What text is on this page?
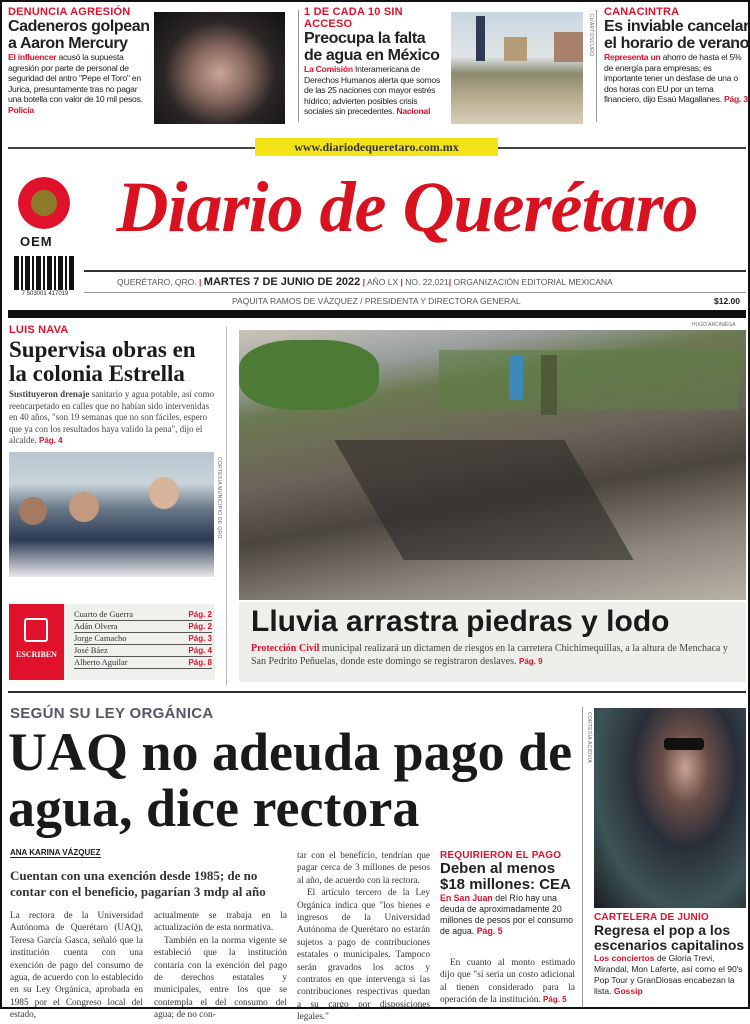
DENUNCIA AGRESIÓN
Cadeneros golpean a Aaron Mercury
El influencer acusó la supuesta agresión por parte de personal de seguridad del antro "Pepe el Toro" en Jurica, presuntamente tras no pagar una botella con valor de 10 mil pesos. Policía
1 DE CADA 10 SIN ACCESO
Preocupa la falta de agua en México
La Comisión Interamericana de Derechos Humanos alerta que somos de las 25 naciones con mayor estrés hídrico; advierten posibles crisis sociales sin precedentes. Nacional
CUARTOSCURO
CANACINTRA
Es inviable cancelar el horario de verano
Representa un ahorro de hasta el 5% de energía para empresas; es importante tener un desfase de una o dos horas con EU por un tema financiero, dijo Esaú Magallanes. Pág. 3
www.diariodequeretaro.com.mx
OEM
7 503001 417019
Diario de Querétaro
QUERÉTARO, QRO. | MARTES 7 DE JUNIO DE 2022 | AÑO LX | NO. 22,021| ORGANIZACIÓN EDITORIAL MEXICANA
PAQUITA RAMOS DE VÁZQUEZ / PRESIDENTA Y DIRECTORA GENERAL	$12.00
LUIS NAVA
Supervisa obras en la colonia Estrella
Sustituyeron drenaje sanitario y agua potable, así como reencarpetado en calles que no habían sido intervenidas en 40 años, "son 19 semanas que no son fáciles, espero que ya con los resultados haya valido la pena", dijo el alcalde. Pág. 4
CORTESÍA MUNICIPIO DE QRO.
ESCRIBEN
Cuarto de Guerra	Pág. 2
Adán Olvera	Pág. 2
Jorge Camacho	Pág. 3
José Báez	Pág. 4
Alberto Aguilar	Pág. 8
HUGO ARCINIEGA
Lluvia arrastra piedras y lodo
Protección Civil municipal realizará un dictamen de riesgos en la carretera Chichimequillas, a la altura de Menchaca y San Pedrito Peñuelas, donde este domingo se registraron deslaves. Pág. 9
SEGÚN SU LEY ORGÁNICA
UAQ no adeuda pago de agua, dice rectora
ANA KARINA VÁZQUEZ
Cuentan con una exención desde 1985; de no contar con el beneficio, pagarían 3 mdp al año
La rectora de la Universidad Autónoma de Querétaro (UAQ), Teresa García Gasca, señaló que la institución cuenta con una exención de pago del consumo de agua, de acuerdo con lo establecido en su Ley Orgánica, aprobada en 1985 por el Congreso local del estado,
actualmente se trabaja en la actualización de esta normativa.
También en la norma vigente se estableció que la institución contaría con la exención del pago de derechos estatales y municipales, entre los que se contempla el del consumo del agua; de no con-
tar con el beneficio, tendrían que pagar cerca de 3 millones de pesos al año, de acuerdo con la rectora.
El artículo tercero de la Ley Orgánica indica que "los bienes e ingresos de la Universidad Autónoma de Querétaro no estarán sujetos a pago de contribuciones estatales o municipales. Tampoco serán gravados los actos y contratos en que intervenga si las contribuciones respectivas quedan a su cargo por disposiciones legales."
REQUIRIERON EL PAGO
Deben al menos $18 millones: CEA
En San Juan del Río hay una deuda de aproximadamente 20 millones de pesos por el consumo de agua. Pág. 5
En cuanto al monto estimado dijo que "sí sería un costo adicional al tienen considerado para la operación de la institución. Pág. 5
CORTESÍA ACIDVIA
CARTELERA DE JUNIO
Regresa el pop a los escenarios capitalinos
Los conciertos de Gloria Trevi, Mirandal, Mon Laferte, así como el 90's Pop Tour y GranDiosas encabezan la lista. Gossip
